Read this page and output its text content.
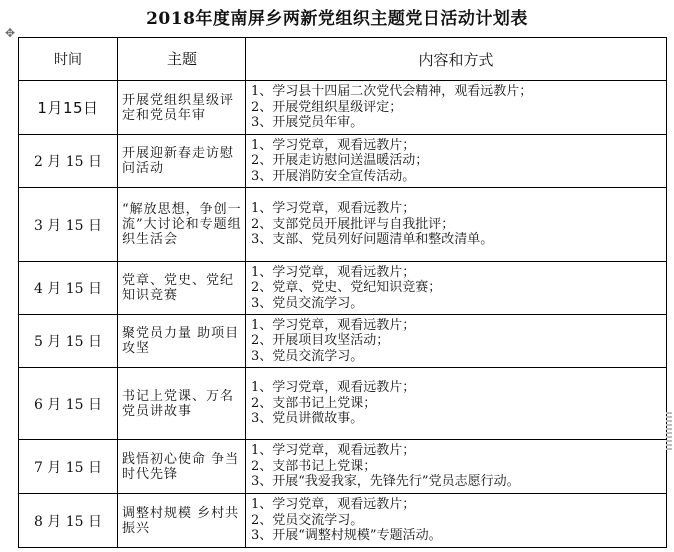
2018年度南屏乡两新党组织主题党日活动计划表
✥
时间	主题	内容和方式
1月15日	开展党组织星级评定和党员年审	1、学习县十四届二次党代会精神，观看远教片；
2、开展党组织星级评定；
3、开展党员年审。

2 月 15 日	开展迎新春走访慰问活动	1、学习党章，观看远教片；
2、开展走访慰问送温暖活动；
3、开展消防安全宣传活动。

3 月 15 日	“解放思想，争创一流”大讨论和专题组织生活会	1、学习党章，观看远教片；
2、支部党员开展批评与自我批评；
3、支部、党员列好问题清单和整改清单。

4 月 15 日	党章、党史、党纪知识竞赛	1、学习党章，观看远教片；
2、党章、党史、党纪知识竞赛；
3、党员交流学习。

5 月 15 日	聚党员力量 助项目攻坚	1、学习党章，观看远教片；
2、开展项目攻坚活动；
3、党员交流学习。

6 月 15 日	书记上党课、万名党员讲故事	1、学习党章，观看远教片；
2、支部书记上党课；
3、党员讲微故事。

7 月 15 日	践悟初心使命 争当时代先锋	1、学习党章，观看远教片；
2、支部书记上党课；
3、开展“我爱我家，先锋先行”党员志愿行动。

8 月 15 日	调整村规模 乡村共振兴	1、学习党章，观看远教片；
2、党员交流学习。
3、开展“调整村规模”专题活动。
